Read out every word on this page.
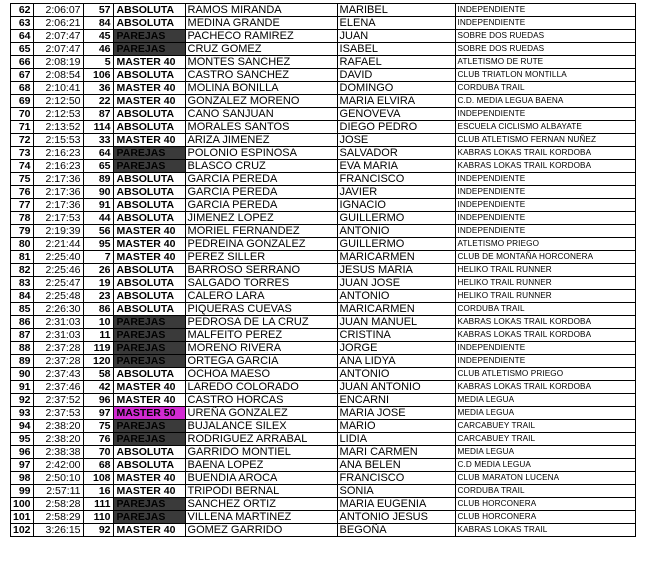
62	2:06:07	57	ABSOLUTA	RAMOS MIRANDA	MARIBEL	INDEPENDIENTE
63	2:06:21	84	ABSOLUTA	MEDINA GRANDE	ELENA	INDEPENDIENTE
64	2:07:47	45	PAREJAS	PACHECO RAMIREZ	JUAN	SOBRE DOS RUEDAS
65	2:07:47	46	PAREJAS	CRUZ GOMEZ	ISABEL	SOBRE DOS RUEDAS
66	2:08:19	5	MASTER 40	MONTES SANCHEZ	RAFAEL	ATLETISMO DE RUTE
67	2:08:54	106	ABSOLUTA	CASTRO SANCHEZ	DAVID	CLUB TRIATLON MONTILLA
68	2:10:41	36	MASTER 40	MOLINA BONILLA	DOMINGO	CORDUBA TRAIL
69	2:12:50	22	MASTER 40	GONZALEZ MORENO	MARIA ELVIRA	C.D. MEDIA LEGUA BAENA
70	2:12:53	87	ABSOLUTA	CANO SANJUAN	GENOVEVA	INDEPENDIENTE
71	2:13:52	114	ABSOLUTA	MORALES SANTOS	DIEGO PEDRO	ESCUELA CICLISMO ALBAYATE
72	2:15:53	33	MASTER 40	ARIZA JIMENEZ	JOSE	CLUB ATLETISMO FERNAN NUÑEZ
73	2:16:23	64	PAREJAS	POLONIO ESPINOSA	SALVADOR	KABRAS LOKAS TRAIL KORDOBA
74	2:16:23	65	PAREJAS	BLASCO CRUZ	EVA MARIA	KABRAS LOKAS TRAIL KORDOBA
75	2:17:36	89	ABSOLUTA	GARCIA PEREDA	FRANCISCO	INDEPENDIENTE
76	2:17:36	90	ABSOLUTA	GARCIA PEREDA	JAVIER	INDEPENDIENTE
77	2:17:36	91	ABSOLUTA	GARCIA PEREDA	IGNACIO	INDEPENDIENTE
78	2:17:53	44	ABSOLUTA	JIMENEZ LOPEZ	GUILLERMO	INDEPENDIENTE
79	2:19:39	56	MASTER 40	MORIEL FERNANDEZ	ANTONIO	INDEPENDIENTE
80	2:21:44	95	MASTER 40	PEDREINA GONZALEZ	GUILLERMO	ATLETISMO PRIEGO
81	2:25:40	7	MASTER 40	PEREZ SILLER	MARICARMEN	CLUB DE MONTAÑA HORCONERA
82	2:25:46	26	ABSOLUTA	BARROSO SERRANO	JESUS MARIA	HELIKO TRAIL RUNNER
83	2:25:47	19	ABSOLUTA	SALGADO TORRES	JUAN JOSE	HELIKO TRAIL RUNNER
84	2:25:48	23	ABSOLUTA	CALERO LARA	ANTONIO	HELIKO TRAIL RUNNER
85	2:26:30	86	ABSOLUTA	PIQUERAS CUEVAS	MARICARMEN	CORDUBA TRAIL
86	2:31:03	10	PAREJAS	PEDROSA DE LA CRUZ	JUAN MANUEL	KABRAS LOKAS TRAIL KORDOBA
87	2:31:03	11	PAREJAS	MALFEITO PEREZ	CRISTINA	KABRAS LOKAS TRAIL KORDOBA
88	2:37:28	119	PAREJAS	MORENO RIVERA	JORGE	INDEPENDIENTE
89	2:37:28	120	PAREJAS	ORTEGA GARCIA	ANA LIDYA	INDEPENDIENTE
90	2:37:43	58	ABSOLUTA	OCHOA MAESO	ANTONIO	CLUB ATLETISMO PRIEGO
91	2:37:46	42	MASTER 40	LAREDO COLORADO	JUAN ANTONIO	KABRAS LOKAS TRAIL KORDOBA
92	2:37:52	96	MASTER 40	CASTRO HORCAS	ENCARNI	MEDIA LEGUA
93	2:37:53	97	MASTER 50	UREÑA GONZALEZ	MARIA JOSE	MEDIA LEGUA
94	2:38:20	75	PAREJAS	BUJALANCE SILEX	MARIO	CARCABUEY TRAIL
95	2:38:20	76	PAREJAS	RODRIGUEZ ARRABAL	LIDIA	CARCABUEY TRAIL
96	2:38:38	70	ABSOLUTA	GARRIDO MONTIEL	MARI CARMEN	MEDIA LEGUA
97	2:42:00	68	ABSOLUTA	BAENA LOPEZ	ANA BELEN	C.D MEDIA LEGUA
98	2:50:10	108	MASTER 40	BUENDIA AROCA	FRANCISCO	CLUB MARATON LUCENA
99	2:57:11	16	MASTER 40	TRIPODI BERNAL	SONIA	CORDUBA TRAIL
100	2:58:28	111	PAREJAS	SANCHEZ ORTIZ	MARIA EUGENIA	CLUB HORCONERA
101	2:58:29	110	PAREJAS	VILLENA MARTINEZ	ANTONIO JESUS	CLUB HORCONERA
102	3:26:15	92	MASTER 40	GOMEZ GARRIDO	BEGOÑA	KABRAS LOKAS TRAIL
